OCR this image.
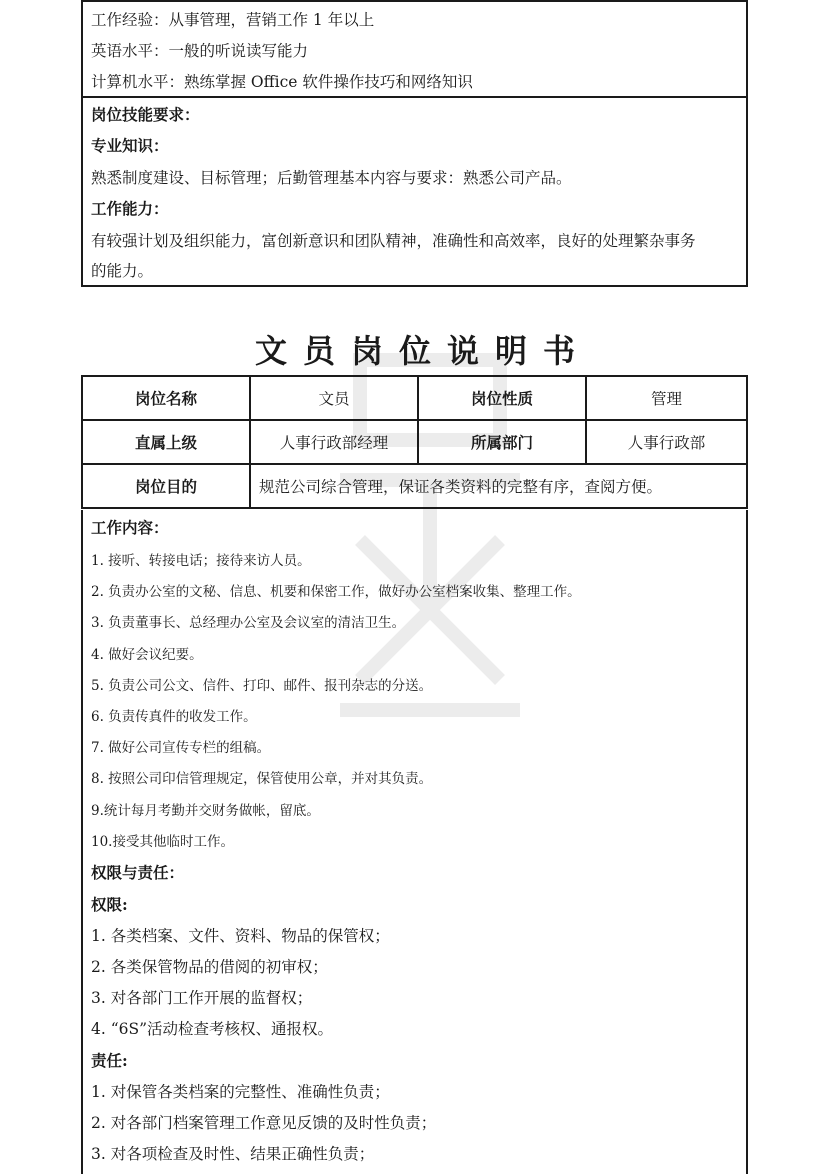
工作经验：从事管理，营销工作 1 年以上
英语水平：一般的听说读写能力
计算机水平：熟练掌握 Office 软件操作技巧和网络知识
岗位技能要求：
专业知识：
熟悉制度建设、目标管理；后勤管理基本内容与要求：熟悉公司产品。
工作能力：
有较强计划及组织能力，富创新意识和团队精神，准确性和高效率，良好的处理繁杂事务
的能力。
文员岗位说明书
岗位名称	文员	岗位性质	管理
直属上级	人事行政部经理	所属部门	人事行政部
岗位目的	规范公司综合管理，保证各类资料的完整有序，查阅方便。		
工作内容：
1. 接听、转接电话；接待来访人员。
2. 负责办公室的文秘、信息、机要和保密工作，做好办公室档案收集、整理工作。
3. 负责董事长、总经理办公室及会议室的清洁卫生。
4. 做好会议纪要。
5. 负责公司公文、信件、打印、邮件、报刊杂志的分送。
6. 负责传真件的收发工作。
7. 做好公司宣传专栏的组稿。
8. 按照公司印信管理规定，保管使用公章，并对其负责。
9.统计每月考勤并交财务做帐，留底。
10.接受其他临时工作。
权限与责任：
权限:
1. 各类档案、文件、资料、物品的保管权；
2. 各类保管物品的借阅的初审权；
3. 对各部门工作开展的监督权；
4. “6S”活动检查考核权、通报权。
责任:
1. 对保管各类档案的完整性、准确性负责；
2. 对各部门档案管理工作意见反馈的及时性负责；
3. 对各项检查及时性、结果正确性负责；
